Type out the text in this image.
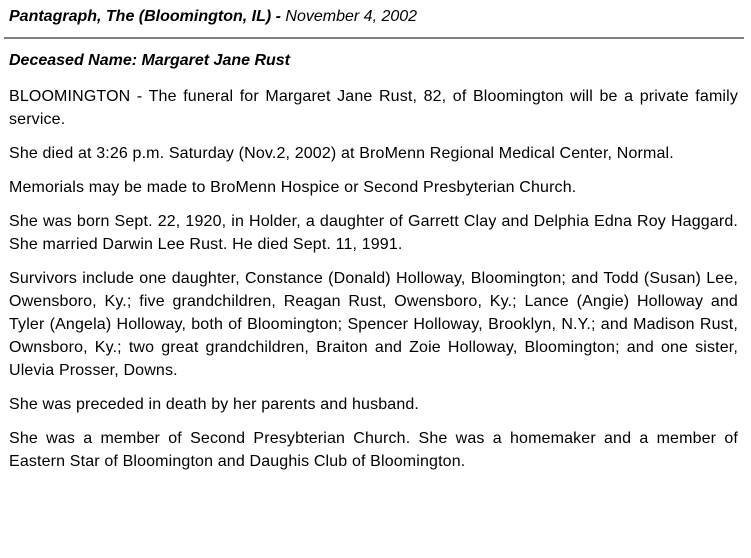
Pantagraph, The (Bloomington, IL) - November 4, 2002
Deceased Name: Margaret Jane Rust

BLOOMINGTON - The funeral for Margaret Jane Rust, 82, of Bloomington will be a private family service.

She died at 3:26 p.m. Saturday (Nov.2, 2002) at BroMenn Regional Medical Center, Normal.

Memorials may be made to BroMenn Hospice or Second Presbyterian Church.

She was born Sept. 22, 1920, in Holder, a daughter of Garrett Clay and Delphia Edna Roy Haggard. She married Darwin Lee Rust. He died Sept. 11, 1991.

Survivors include one daughter, Constance (Donald) Holloway, Bloomington; and Todd (Susan) Lee, Owensboro, Ky.; five grandchildren, Reagan Rust, Owensboro, Ky.; Lance (Angie) Holloway and Tyler (Angela) Holloway, both of Bloomington; Spencer Holloway, Brooklyn, N.Y.; and Madison Rust, Ownsboro, Ky.; two great grandchildren, Braiton and Zoie Holloway, Bloomington; and one sister, Ulevia Prosser, Downs.

She was preceded in death by her parents and husband.

She was a member of Second Presybterian Church. She was a homemaker and a member of Eastern Star of Bloomington and Daughis Club of Bloomington.
